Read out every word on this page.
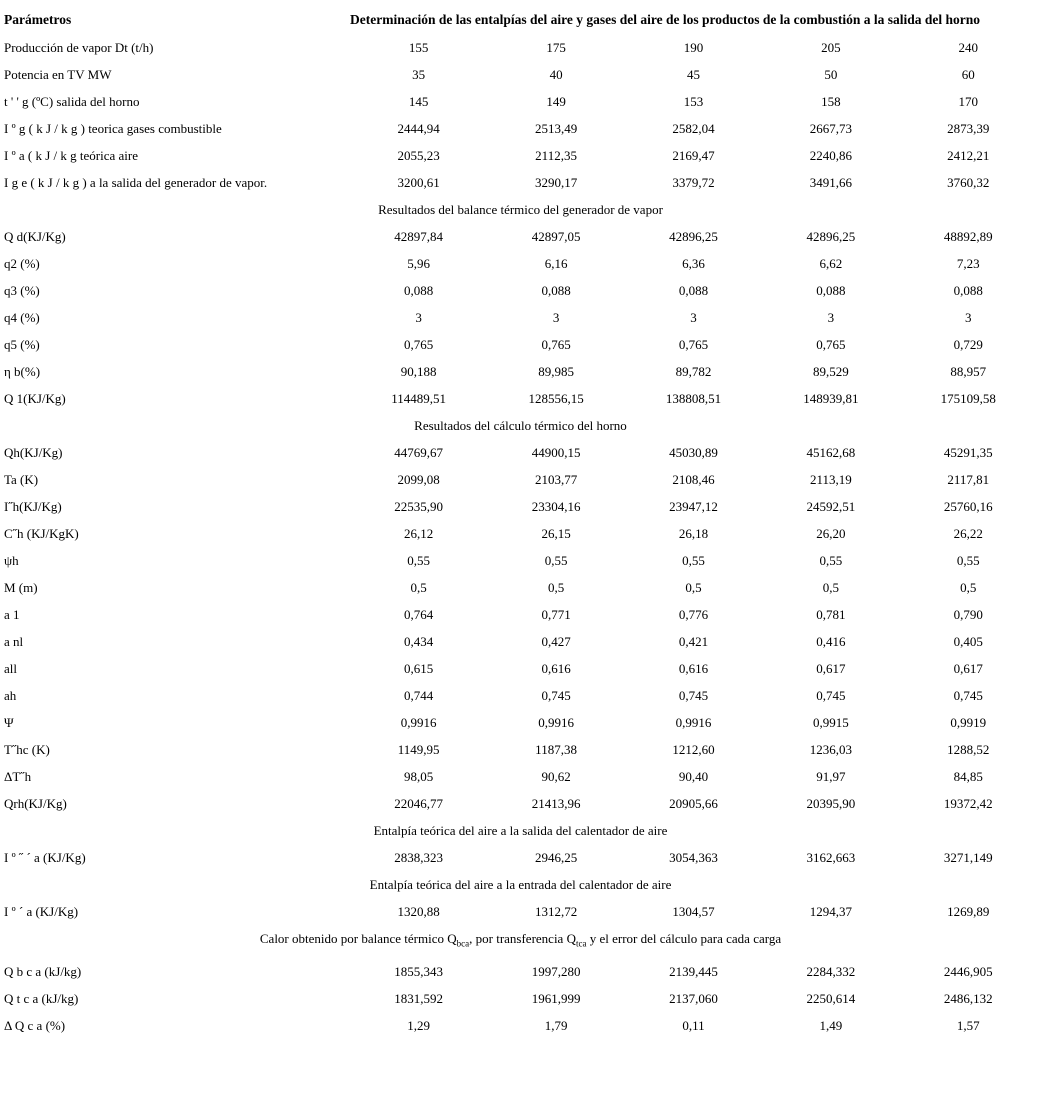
Parámetros	Determinación de las entalpías del aire y gases del aire de los productos de la combustión a la salida del horno				
Producción de vapor Dt (t/h)	155	175	190	205	240
Potencia en TV MW	35	40	45	50	60
t ' ' g (ºC) salida del horno	145	149	153	158	170
I º g ( k J / k g ) teorica gases combustible	2444,94	2513,49	2582,04	2667,73	2873,39
I º a ( k J / k g teórica aire	2055,23	2112,35	2169,47	2240,86	2412,21
I g e ( k J / k g ) a la salida del generador de vapor.	3200,61	3290,17	3379,72	3491,66	3760,32
Resultados del balance térmico del generador de vapor					
Q d(KJ/Kg)	42897,84	42897,05	42896,25	42896,25	48892,89
q2 (%)	5,96	6,16	6,36	6,62	7,23
q3 (%)	0,088	0,088	0,088	0,088	0,088
q4 (%)	3	3	3	3	3
q5 (%)	0,765	0,765	0,765	0,765	0,729
η b(%)	90,188	89,985	89,782	89,529	88,957
Q 1(KJ/Kg)	114489,51	128556,15	138808,51	148939,81	175109,58
Resultados del cálculo térmico del horno					
Qh(KJ/Kg)	44769,67	44900,15	45030,89	45162,68	45291,35
Ta (K)	2099,08	2103,77	2108,46	2113,19	2117,81
I˝h(KJ/Kg)	22535,90	23304,16	23947,12	24592,51	25760,16
C˝h (KJ/KgK)	26,12	26,15	26,18	26,20	26,22
ψh	0,55	0,55	0,55	0,55	0,55
M (m)	0,5	0,5	0,5	0,5	0,5
a 1	0,764	0,771	0,776	0,781	0,790
a nl	0,434	0,427	0,421	0,416	0,405
all	0,615	0,616	0,616	0,617	0,617
ah	0,744	0,745	0,745	0,745	0,745
Ψ	0,9916	0,9916	0,9916	0,9915	0,9919
T˝hc (K)	1149,95	1187,38	1212,60	1236,03	1288,52
ΔT˝h	98,05	90,62	90,40	91,97	84,85
Qrh(KJ/Kg)	22046,77	21413,96	20905,66	20395,90	19372,42
Entalpía teórica del aire a la salida del calentador de aire					
I º ˝ ´ a (KJ/Kg)	2838,323	2946,25	3054,363	3162,663	3271,149
Entalpía teórica del aire a la entrada del calentador de aire					
I º ´ a (KJ/Kg)	1320,88	1312,72	1304,57	1294,37	1269,89
Calor obtenido por balance térmico $Q_{bca}$, por transferencia $Q_{tca}$ y el error del cálculo para cada carga					
Q b c a (kJ/kg)	1855,343	1997,280	2139,445	2284,332	2446,905
Q t c a (kJ/kg)	1831,592	1961,999	2137,060	2250,614	2486,132
Δ Q c a (%)	1,29	1,79	0,11	1,49	1,57
